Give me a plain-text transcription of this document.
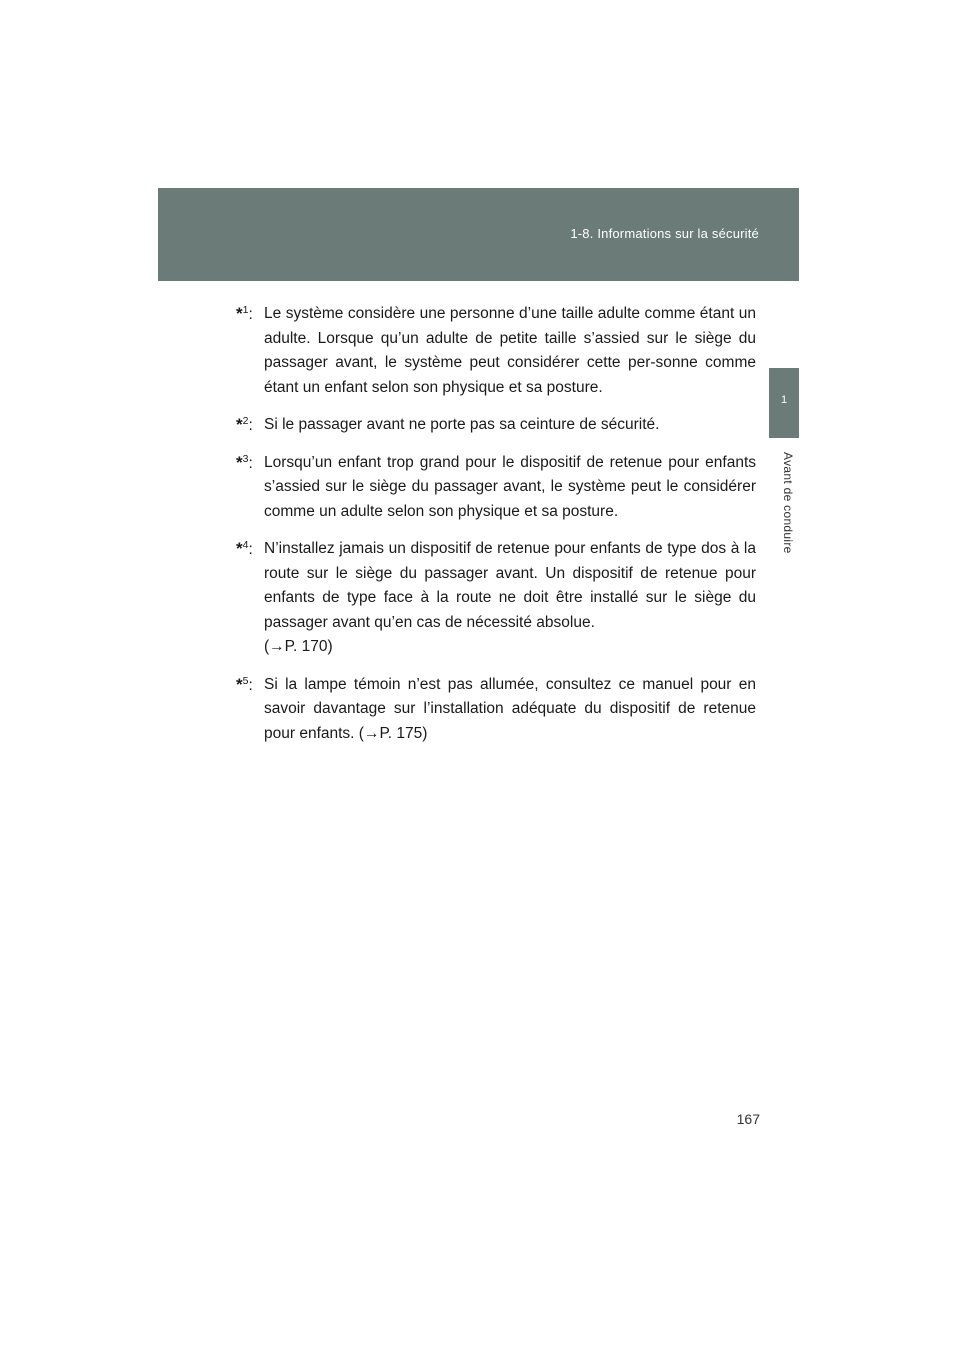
1-8. Informations sur la sécurité
1
Avant de conduire
*$^1$: Le système considère une personne d’une taille adulte comme étant un adulte. Lorsque qu’un adulte de petite taille s’assied sur le siège du passager avant, le système peut considérer cette per-sonne comme étant un enfant selon son physique et sa posture.
*$^2$: Si le passager avant ne porte pas sa ceinture de sécurité.
*$^3$: Lorsqu’un enfant trop grand pour le dispositif de retenue pour enfants s’assied sur le siège du passager avant, le système peut le considérer comme un adulte selon son physique et sa posture.
*$^4$: N’installez jamais un dispositif de retenue pour enfants de type dos à la route sur le siège du passager avant. Un dispositif de retenue pour enfants de type face à la route ne doit être installé sur le siège du passager avant qu’en cas de nécessité absolue.
(→P. 170)
*$^5$: Si la lampe témoin n’est pas allumée, consultez ce manuel pour en savoir davantage sur l’installation adéquate du dispositif de retenue pour enfants. (→P. 175)
167
